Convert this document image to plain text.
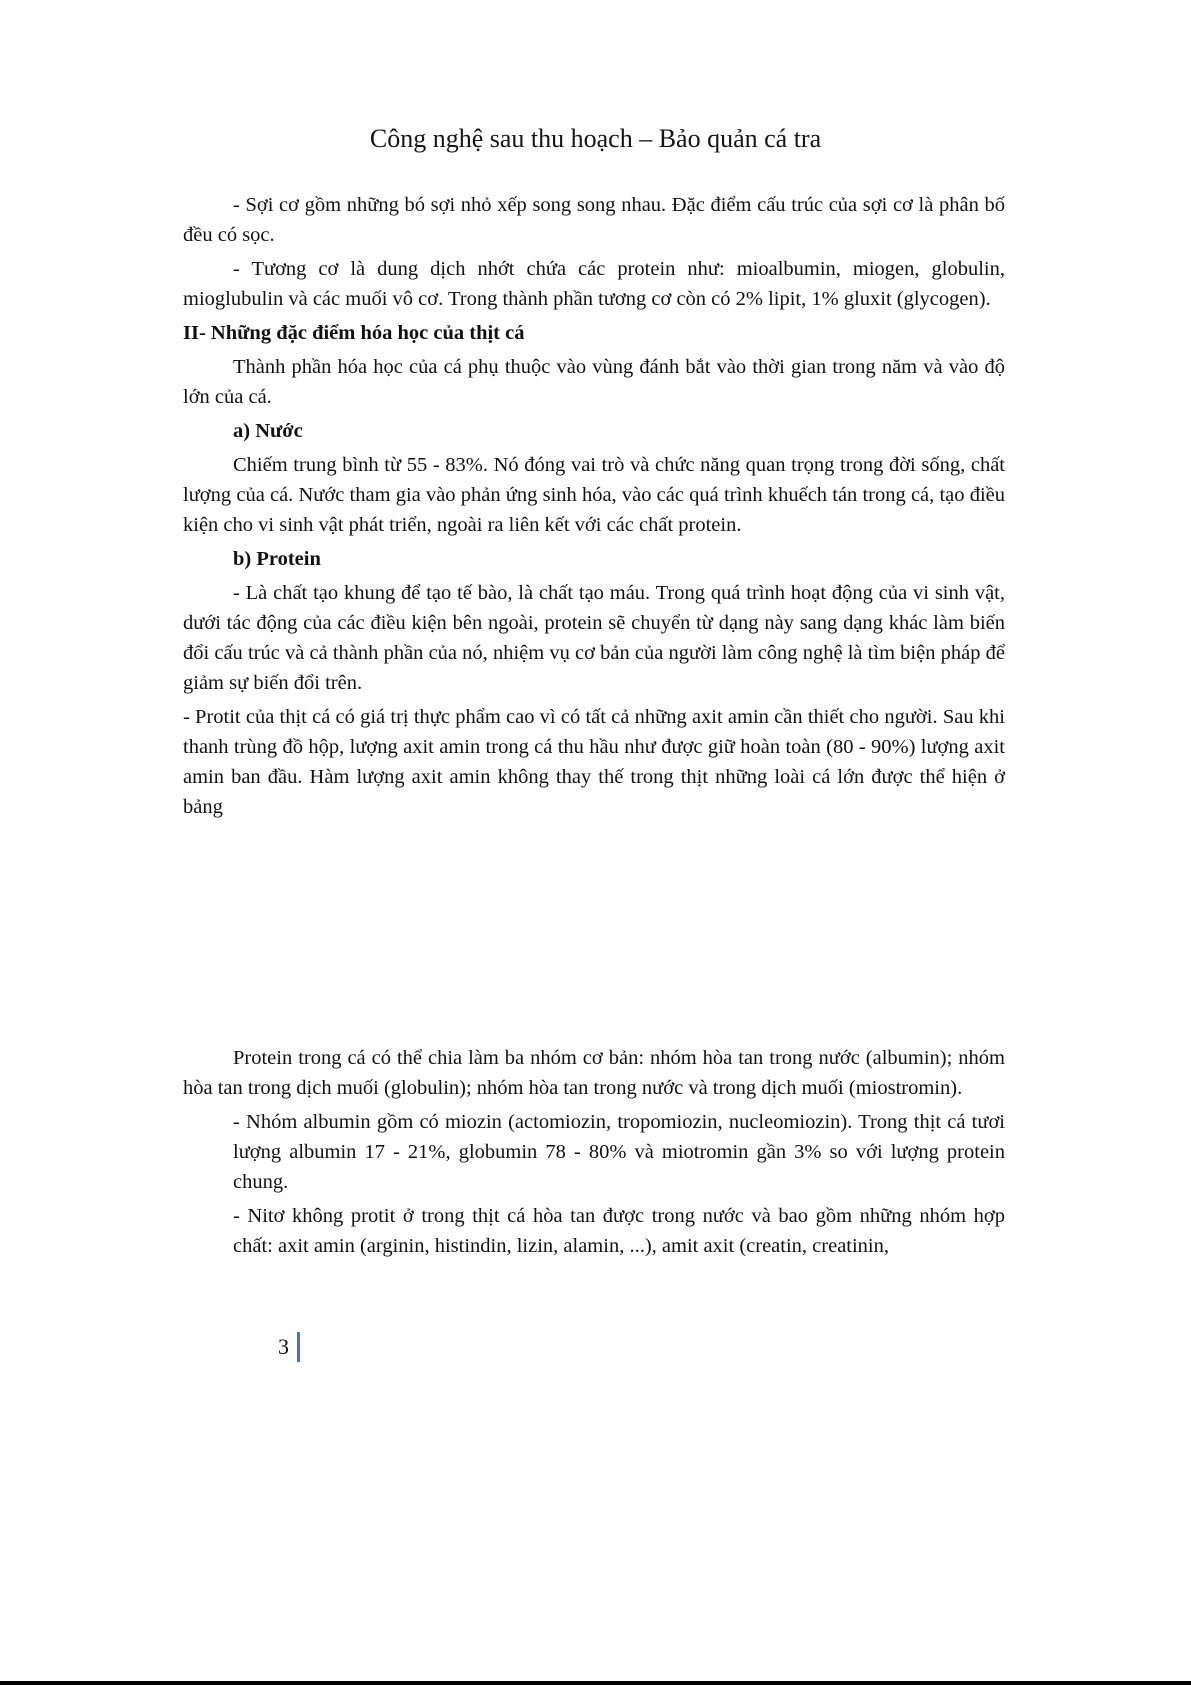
Công nghệ sau thu hoạch – Bảo quản cá tra

- Sợi cơ gồm những bó sợi nhỏ xếp song song nhau. Đặc điểm cấu trúc của sợi cơ là phân bố đều có sọc.

- Tương cơ là dung dịch nhớt chứa các protein như: mioalbumin, miogen, globulin, mioglubulin và các muối vô cơ. Trong thành phần tương cơ còn có 2% lipit, 1% gluxit (glycogen).

II- Những đặc điểm hóa học của thịt cá

Thành phần hóa học của cá phụ thuộc vào vùng đánh bắt vào thời gian trong năm và vào độ lớn của cá.

a) Nước

Chiếm trung bình từ 55 - 83%. Nó đóng vai trò và chức năng quan trọng trong đời sống, chất lượng của cá. Nước tham gia vào phản ứng sinh hóa, vào các quá trình khuếch tán trong cá, tạo điều kiện cho vi sinh vật phát triển, ngoài ra liên kết với các chất protein.

b) Protein

- Là chất tạo khung để tạo tế bào, là chất tạo máu. Trong quá trình hoạt động của vi sinh vật, dưới tác động của các điều kiện bên ngoài, protein sẽ chuyển từ dạng này sang dạng khác làm biến đổi cấu trúc và cả thành phần của nó, nhiệm vụ cơ bản của người làm công nghệ là tìm biện pháp để giảm sự biến đổi trên.

- Protit của thịt cá có giá trị thực phẩm cao vì có tất cả những axit amin cần thiết cho người. Sau khi thanh trùng đồ hộp, lượng axit amin trong cá thu hầu như được giữ hoàn toàn (80 - 90%) lượng axit amin ban đầu. Hàm lượng axit amin không thay thế trong thịt những loài cá lớn được thể hiện ở bảng

Protein trong cá có thể chia làm ba nhóm cơ bản: nhóm hòa tan trong nước (albumin); nhóm hòa tan trong dịch muối (globulin); nhóm hòa tan trong nước và trong dịch muối (miostromin).

- Nhóm albumin gồm có miozin (actomiozin, tropomiozin, nucleomiozin). Trong thịt cá tươi lượng albumin 17 - 21%, globumin 78 - 80% và miotromin gần 3% so với lượng protein chung.

- Nitơ không protit ở trong thịt cá hòa tan được trong nước và bao gồm những nhóm hợp chất: axit amin (arginin, histindin, lizin, alamin, ...), amit axit (creatin, creatinin,

3
